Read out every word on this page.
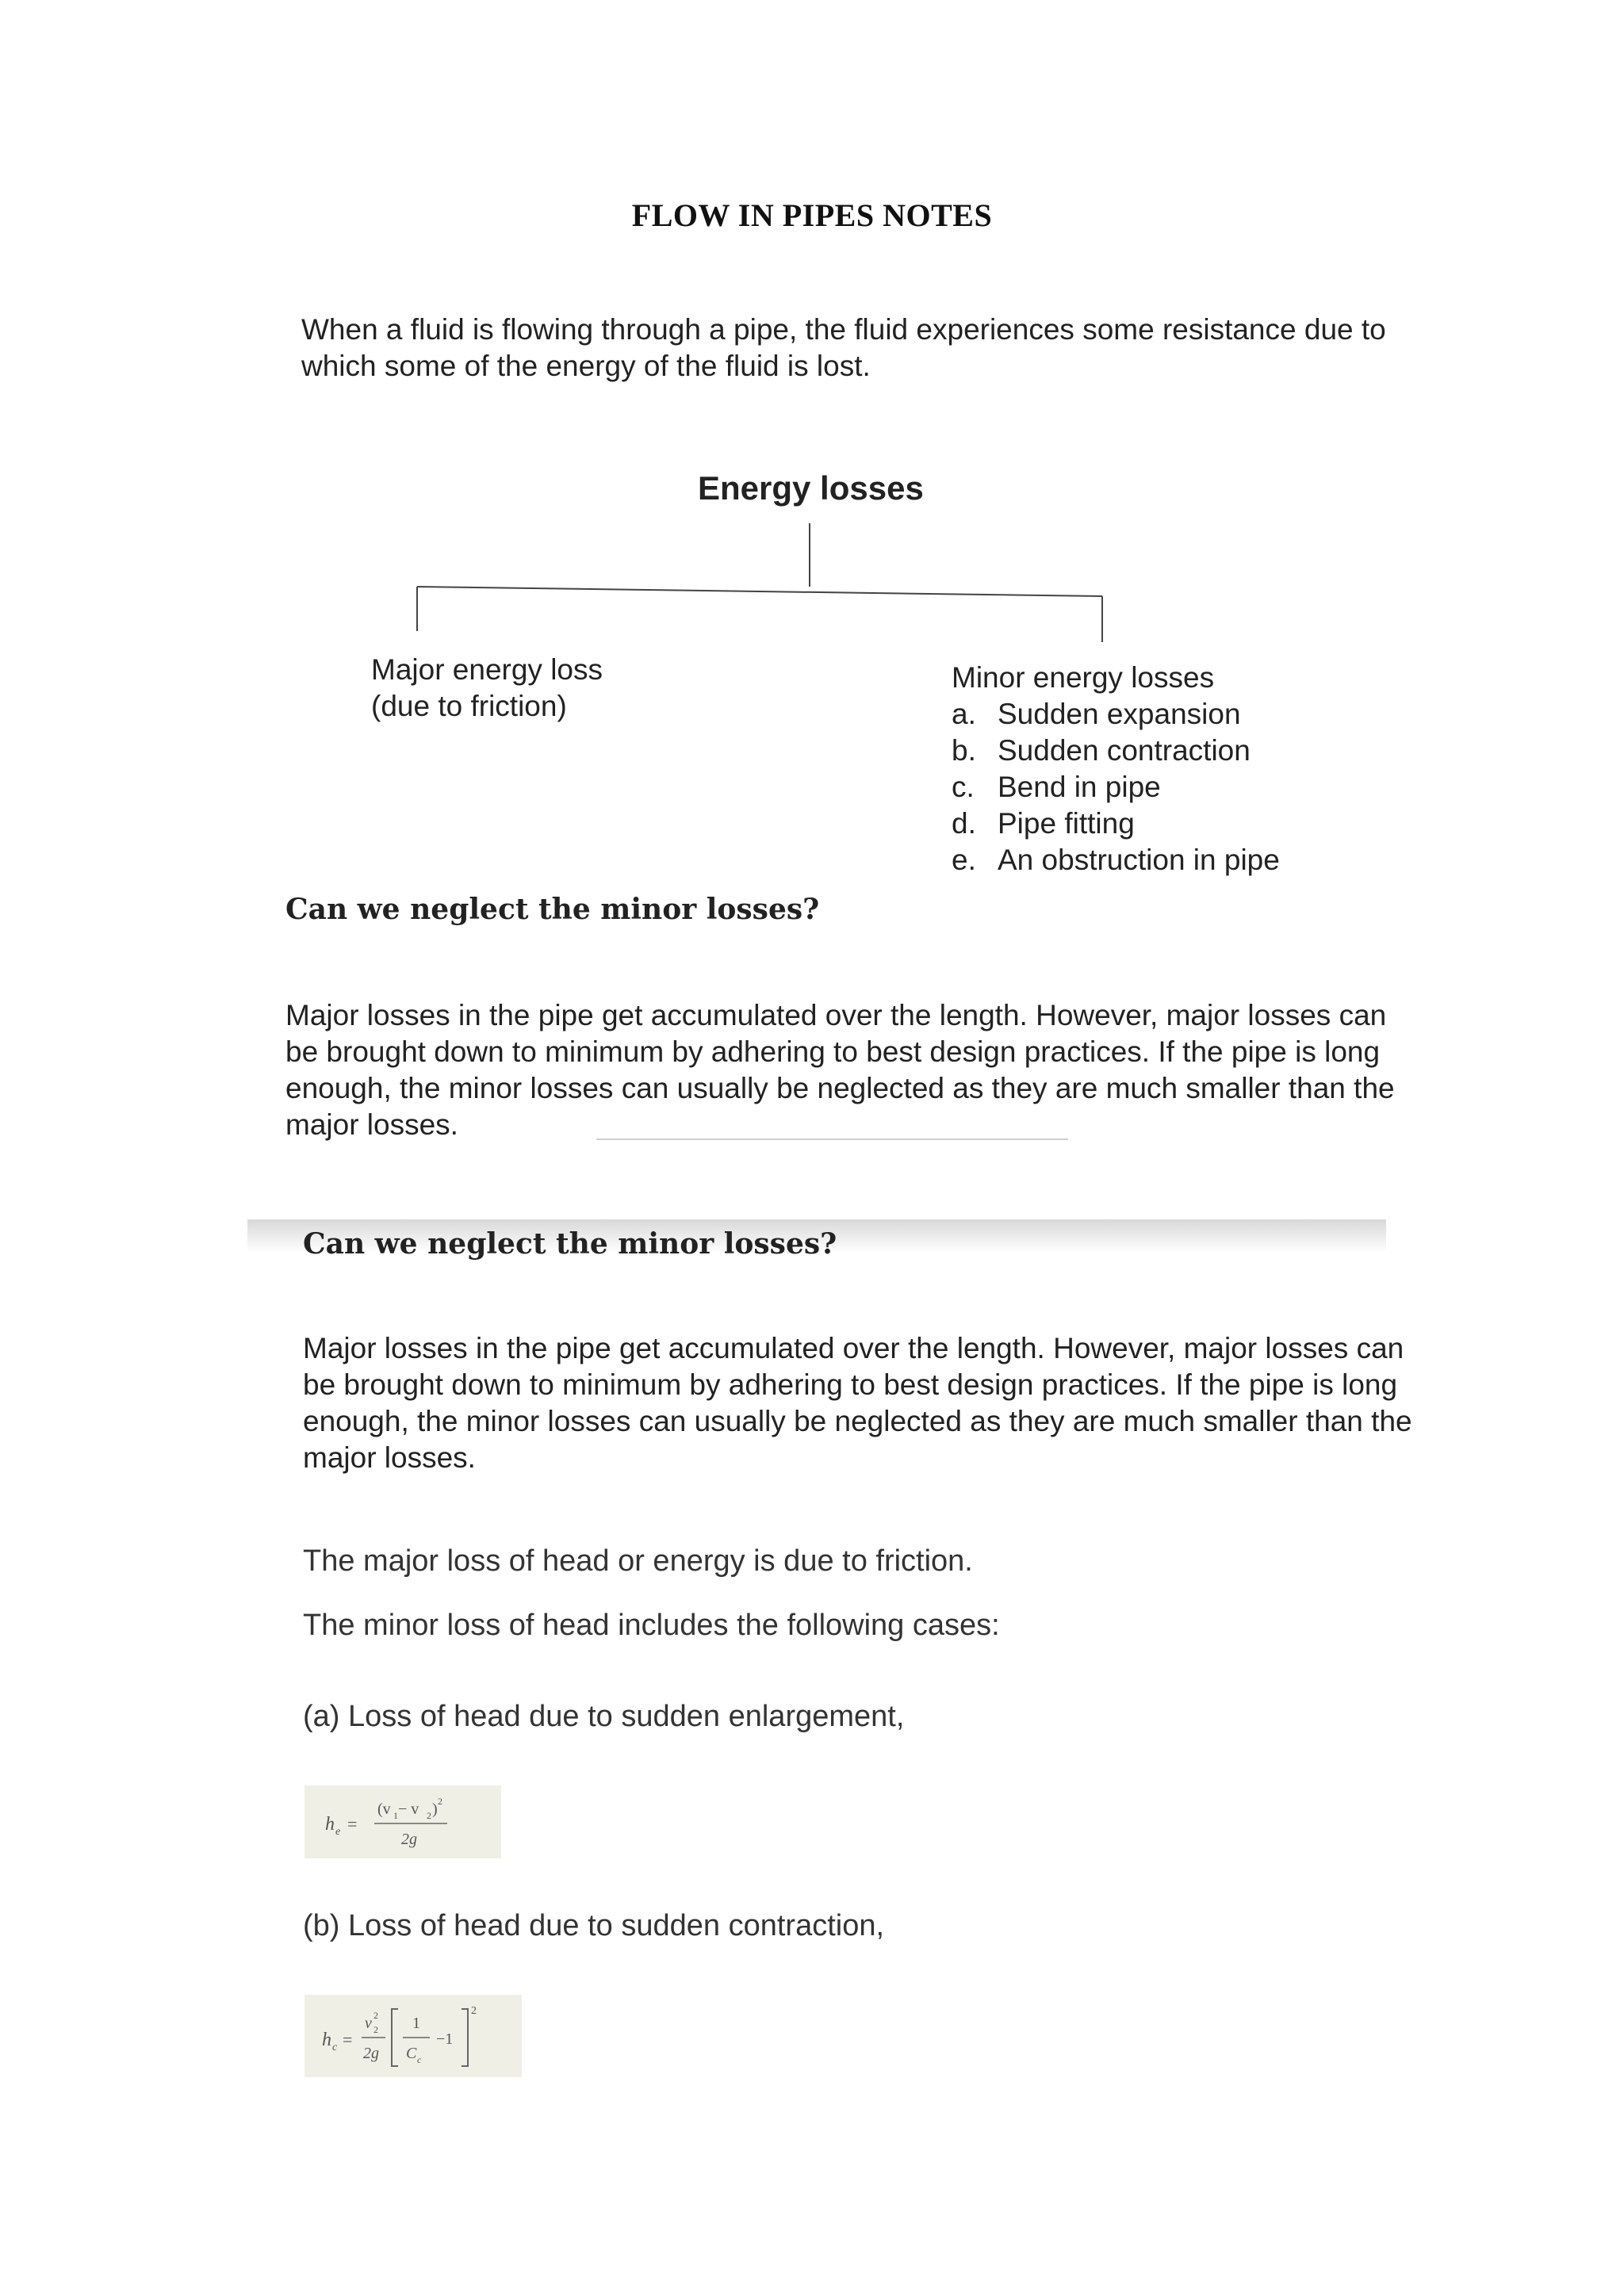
FLOW IN PIPES NOTES
When a fluid is flowing through a pipe, the fluid experiences some resistance due to which some of the energy of the fluid is lost.
Energy losses
Major energy loss
(due to friction)
Minor energy losses
a. Sudden expansion
b. Sudden contraction
c. Bend in pipe
d. Pipe fitting
e. An obstruction in pipe
Can we neglect the minor losses?
Major losses in the pipe get accumulated over the length. However, major losses can be brought down to minimum by adhering to best design practices. If the pipe is long enough, the minor losses can usually be neglected as they are much smaller than the major losses.
Can we neglect the minor losses?
Major losses in the pipe get accumulated over the length. However, major losses can be brought down to minimum by adhering to best design practices. If the pipe is long enough, the minor losses can usually be neglected as they are much smaller than the major losses.
The major loss of head or energy is due to friction.
The minor loss of head includes the following cases:
(a) Loss of head due to sudden enlargement,
h e =
(v 1 − v 2 ) 2
2g
(b) Loss of head due to sudden contraction,
h c =
v 2
2
2g
1
C c
−1
2
